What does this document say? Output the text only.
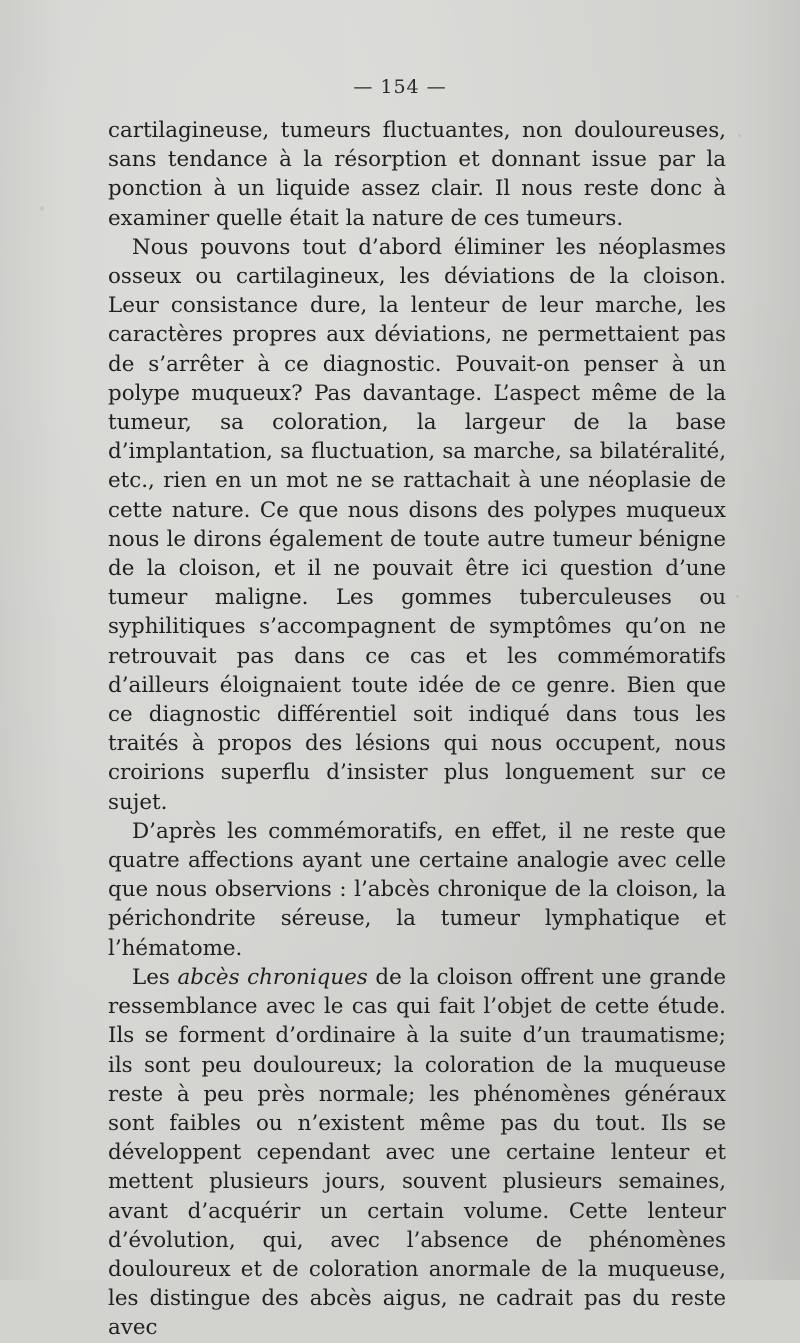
— 154 —

cartilagineuse, tumeurs fluctuantes, non douloureuses, sans tendance à la résorption et donnant issue par la ponction à un liquide assez clair. Il nous reste donc à examiner quelle était la nature de ces tumeurs.

Nous pouvons tout d’abord éliminer les néoplasmes osseux ou cartilagineux, les déviations de la cloison. Leur consistance dure, la lenteur de leur marche, les caractères propres aux déviations, ne permettaient pas de s’arrêter à ce diagnostic. Pouvait-on penser à un polype muqueux? Pas davantage. L’aspect même de la tumeur, sa coloration, la largeur de la base d’implantation, sa fluctuation, sa marche, sa bilatéralité, etc., rien en un mot ne se rattachait à une néoplasie de cette nature. Ce que nous disons des polypes muqueux nous le dirons également de toute autre tumeur bénigne de la cloison, et il ne pouvait être ici question d’une tumeur maligne. Les gommes tuberculeuses ou syphilitiques s’accompagnent de symptômes qu’on ne retrouvait pas dans ce cas et les commémoratifs d’ailleurs éloignaient toute idée de ce genre. Bien que ce diagnostic différentiel soit indiqué dans tous les traités à propos des lésions qui nous occupent, nous croirions superflu d’insister plus longuement sur ce sujet.

D’après les commémoratifs, en effet, il ne reste que quatre affections ayant une certaine analogie avec celle que nous observions : l’abcès chronique de la cloison, la périchondrite séreuse, la tumeur lymphatique et l’hématome.

Les abcès chroniques de la cloison offrent une grande ressemblance avec le cas qui fait l’objet de cette étude. Ils se forment d’ordinaire à la suite d’un traumatisme; ils sont peu douloureux; la coloration de la muqueuse reste à peu près normale; les phénomènes généraux sont faibles ou n’existent même pas du tout. Ils se développent cependant avec une certaine lenteur et mettent plusieurs jours, souvent plusieurs semaines, avant d’acquérir un certain volume. Cette lenteur d’évolution, qui, avec l’absence de phénomènes douloureux et de coloration anormale de la muqueuse, les distingue des abcès aigus, ne cadrait pas du reste avec
